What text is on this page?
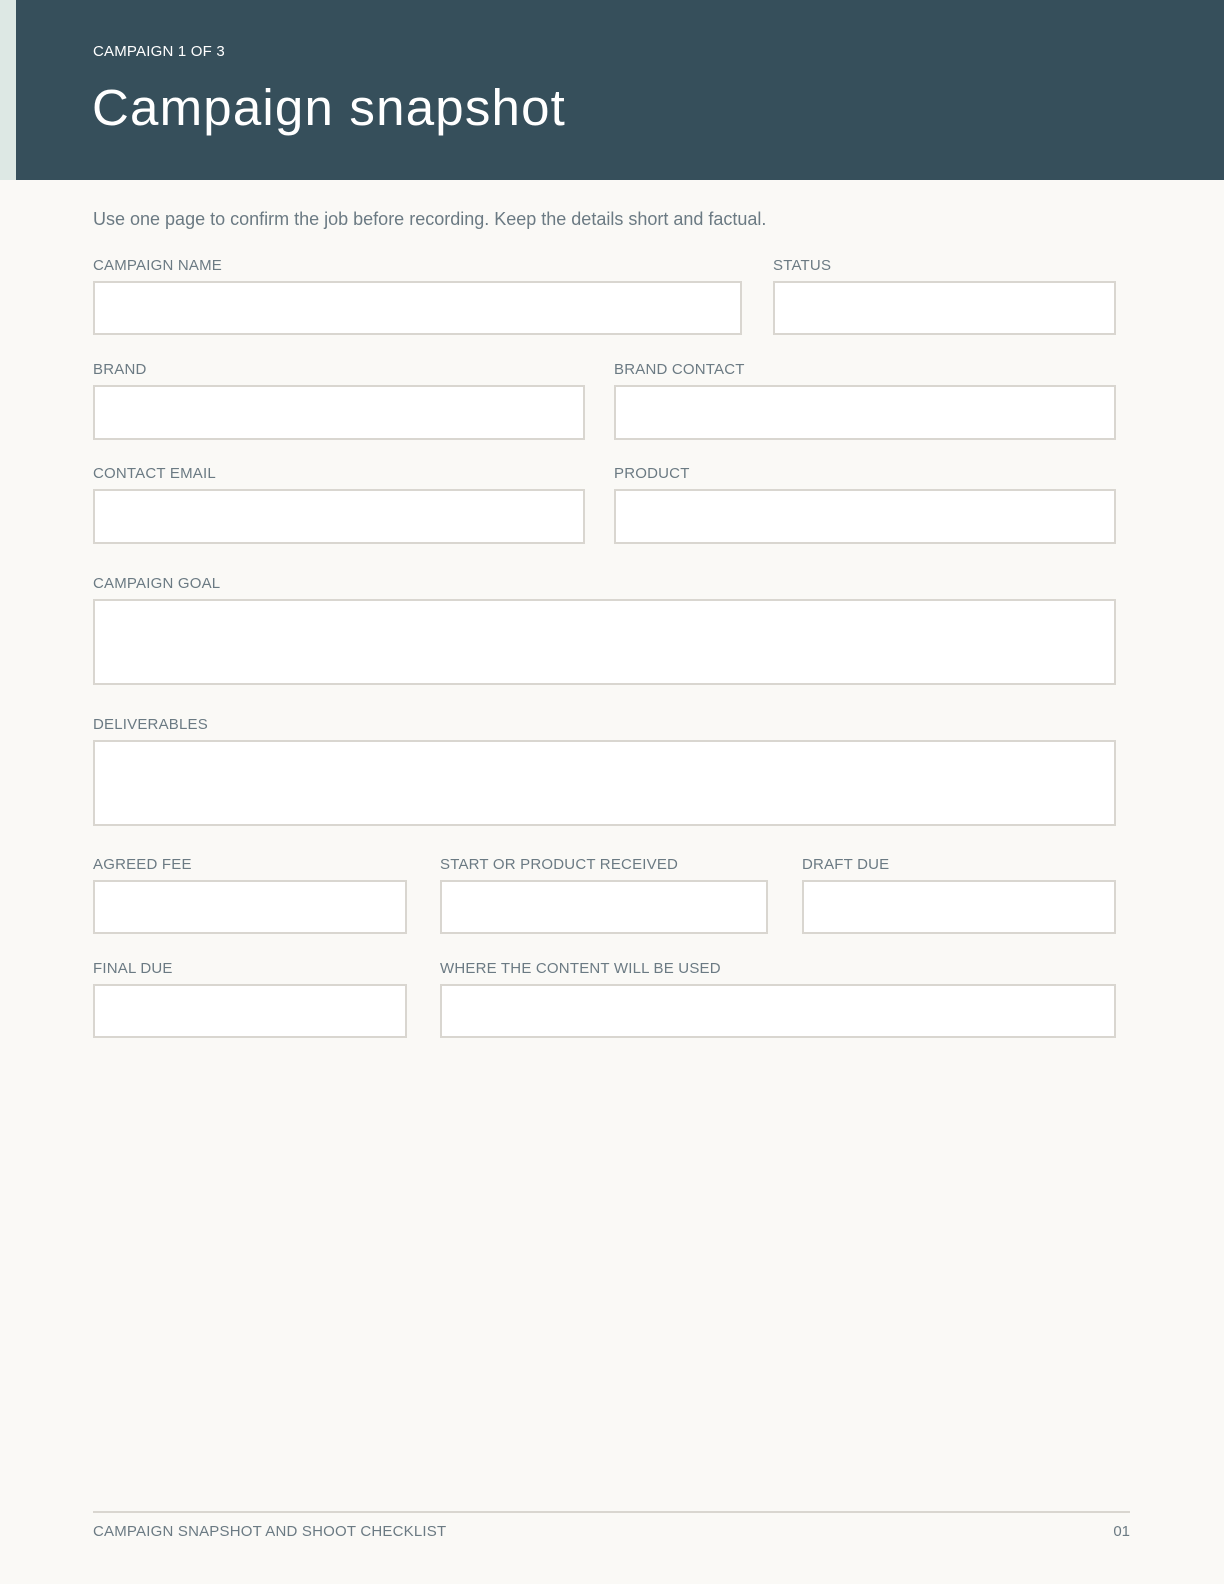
CAMPAIGN 1 OF 3
Campaign snapshot
Use one page to confirm the job before recording. Keep the details short and factual.
CAMPAIGN NAME	STATUS
BRAND	BRAND CONTACT
CONTACT EMAIL	PRODUCT
CAMPAIGN GOAL
DELIVERABLES
AGREED FEE	START OR PRODUCT RECEIVED	DRAFT DUE
FINAL DUE	WHERE THE CONTENT WILL BE USED
CAMPAIGN SNAPSHOT AND SHOOT CHECKLIST	01
